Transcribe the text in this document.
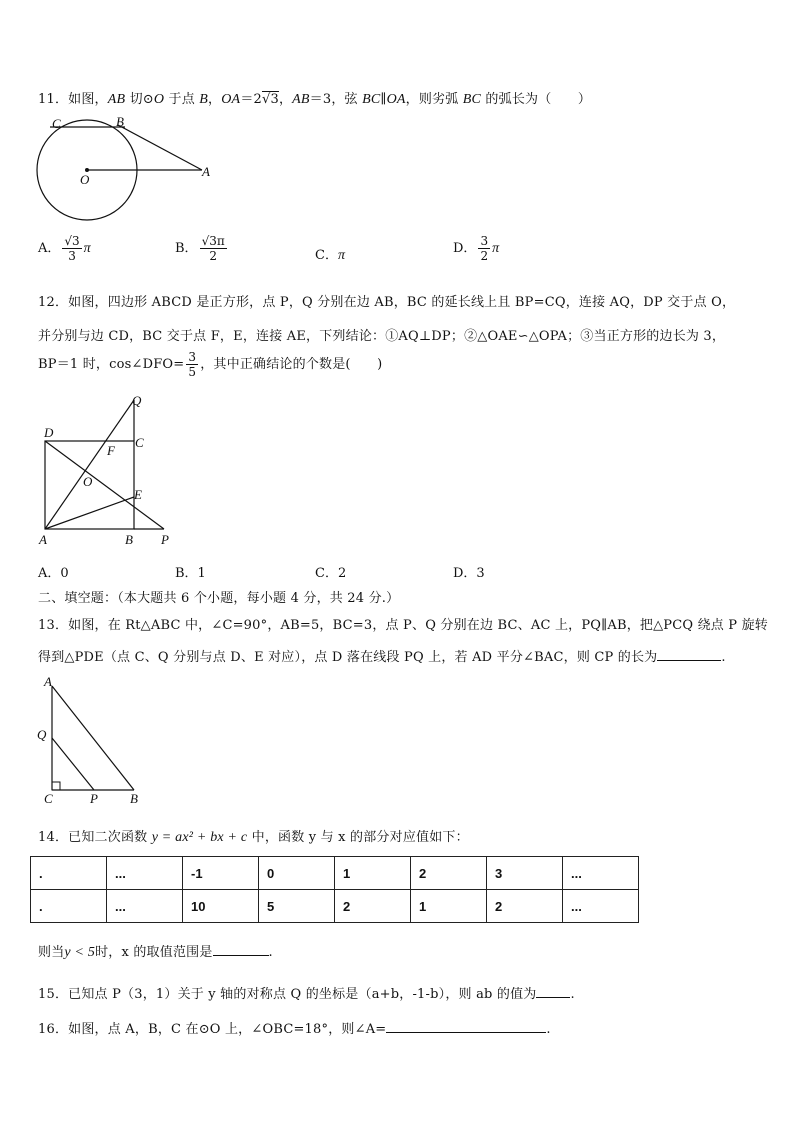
11．如图，AB 切⊙O 于点 B，OA＝2√3，AB＝3，弦 BC∥OA，则劣弧 BC 的弧长为（　　）
C	B
O
A
A． $\frac{√3}{3}$ π	B． $\frac{√3\pi}{2}$	C．π	D． $\frac{3}{2}$ π
12．如图，四边形 ABCD 是正方形，点 P，Q 分别在边 AB，BC 的延长线上且 BP=CQ，连接 AQ，DP 交于点 O，
并分别与边 CD，BC 交于点 F，E，连接 AE，下列结论：①AQ⊥DP；②△OAE∽△OPA；③当正方形的边长为 3，
BP＝1 时，cos∠DFO= $\frac{3}{5}$ ，其中正确结论的个数是(　　)
Q
D
C
F
O
E
A	B P
A．0	B．1	C．2	D．3
二、填空题：（本大题共 6 个小题，每小题 4 分，共 24 分.）
13．如图，在 Rt△ABC 中，∠C=90°，AB=5，BC=3，点 P、Q 分别在边 BC、AC 上，PQ∥AB，把△PCQ 绕点 P 旋转
得到△PDE（点 C、Q 分别与点 D、E 对应），点 D 落在线段 PQ 上，若 AD 平分∠BAC，则 CP 的长为	.
A
Q
C	P B
14．已知二次函数 y = ax² + bx + c 中，函数 y 与 x 的部分对应值如下：
.	...	-1	0	1	2	3	...
.	...	10	5	2	1	2	...
则当y < 5时，x 的取值范围是	.
15．已知点 P（3，1）关于 y 轴的对称点 Q 的坐标是（a+b，-1-b），则 ab 的值为	.
16．如图，点 A，B，C 在⊙O 上，∠OBC=18°，则∠A=	.
